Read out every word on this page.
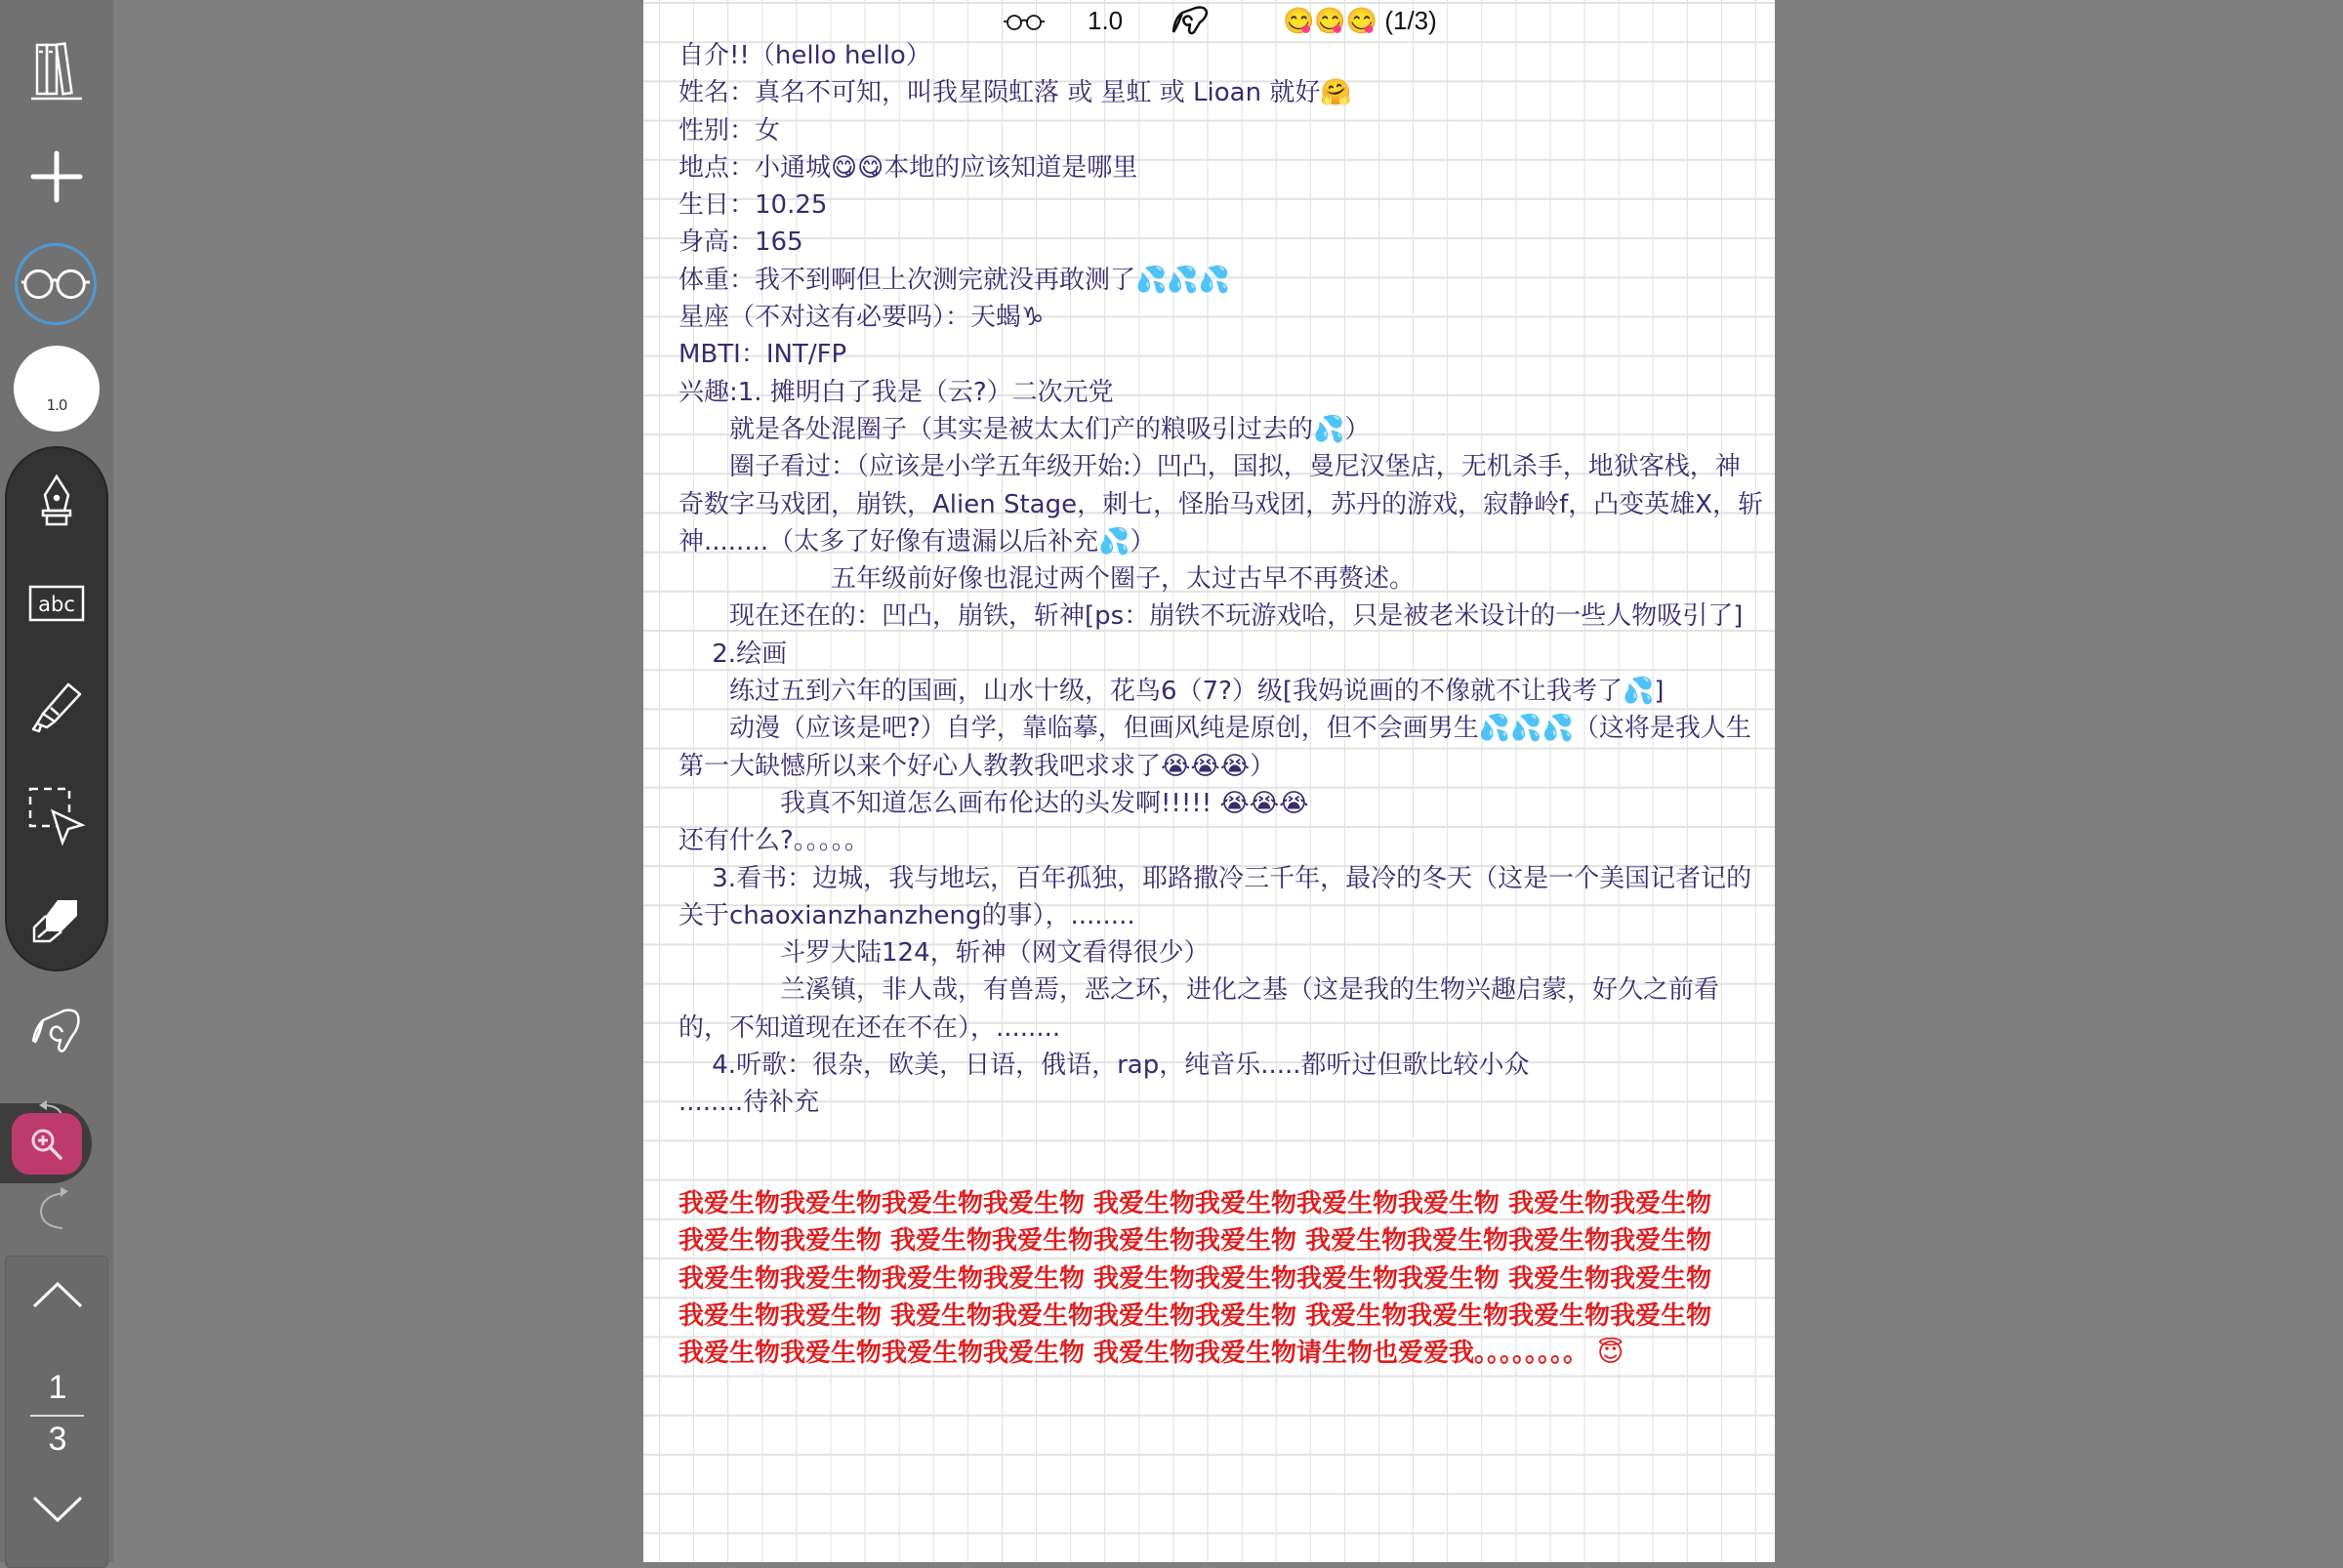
1.0
abc
1
3
1.0	😋😋😋 (1/3)
自介!!（hello hello）
姓名：真名不可知，叫我星陨虹落 或 星虹 或 Lioan 就好🤗
性别：女
地点：小通城😋😋本地的应该知道是哪里
生日：10.25
身高：165
体重：我不到啊但上次测完就没再敢测了💦💦💦
星座（不对这有必要吗）：天蝎♑
MBTI：INT/FP
兴趣:1. 摊明白了我是（云?）二次元党
　　就是各处混圈子（其实是被太太们产的粮吸引过去的💦）
　　圈子看过：（应该是小学五年级开始:）凹凸，国拟，曼尼汉堡店，无机杀手，地狱客栈，神
奇数字马戏团，崩铁，Alien Stage，刺七，怪胎马戏团，苏丹的游戏，寂静岭f，凸变英雄X，斩
神........（太多了好像有遗漏以后补充💦）
　　　　　　五年级前好像也混过两个圈子，太过古早不再赘述。
　　现在还在的：凹凸，崩铁，斩神[ps：崩铁不玩游戏哈，只是被老米设计的一些人物吸引了]
　 2.绘画
　　练过五到六年的国画，山水十级，花鸟6（7?）级[我妈说画的不像就不让我考了💦]
　　动漫（应该是吧?）自学，靠临摹，但画风纯是原创，但不会画男生💦💦💦（这将是我人生
第一大缺憾所以来个好心人教教我吧求求了😭😭😭）
　　　　我真不知道怎么画布伦达的头发啊!!!!! 😭😭😭
还有什么?。。。。。
　 3.看书：边城，我与地坛，百年孤独，耶路撒冷三千年，最冷的冬天（这是一个美国记者记的
关于chaoxianzhanzheng的事），........
　　　　斗罗大陆124，斩神（网文看得很少）
　　　　兰溪镇，非人哉，有兽焉，恶之环，进化之基（这是我的生物兴趣启蒙，好久之前看
的，不知道现在还在不在），........
　 4.听歌：很杂，欧美，日语，俄语，rap，纯音乐.....都听过但歌比较小众
........待补充
我爱生物我爱生物我爱生物我爱生物 我爱生物我爱生物我爱生物我爱生物 我爱生物我爱生物
我爱生物我爱生物 我爱生物我爱生物我爱生物我爱生物 我爱生物我爱生物我爱生物我爱生物
我爱生物我爱生物我爱生物我爱生物 我爱生物我爱生物我爱生物我爱生物 我爱生物我爱生物
我爱生物我爱生物 我爱生物我爱生物我爱生物我爱生物 我爱生物我爱生物我爱生物我爱生物
我爱生物我爱生物我爱生物我爱生物 我爱生物我爱生物请生物也爱爱我。。。。。。。。 😇
